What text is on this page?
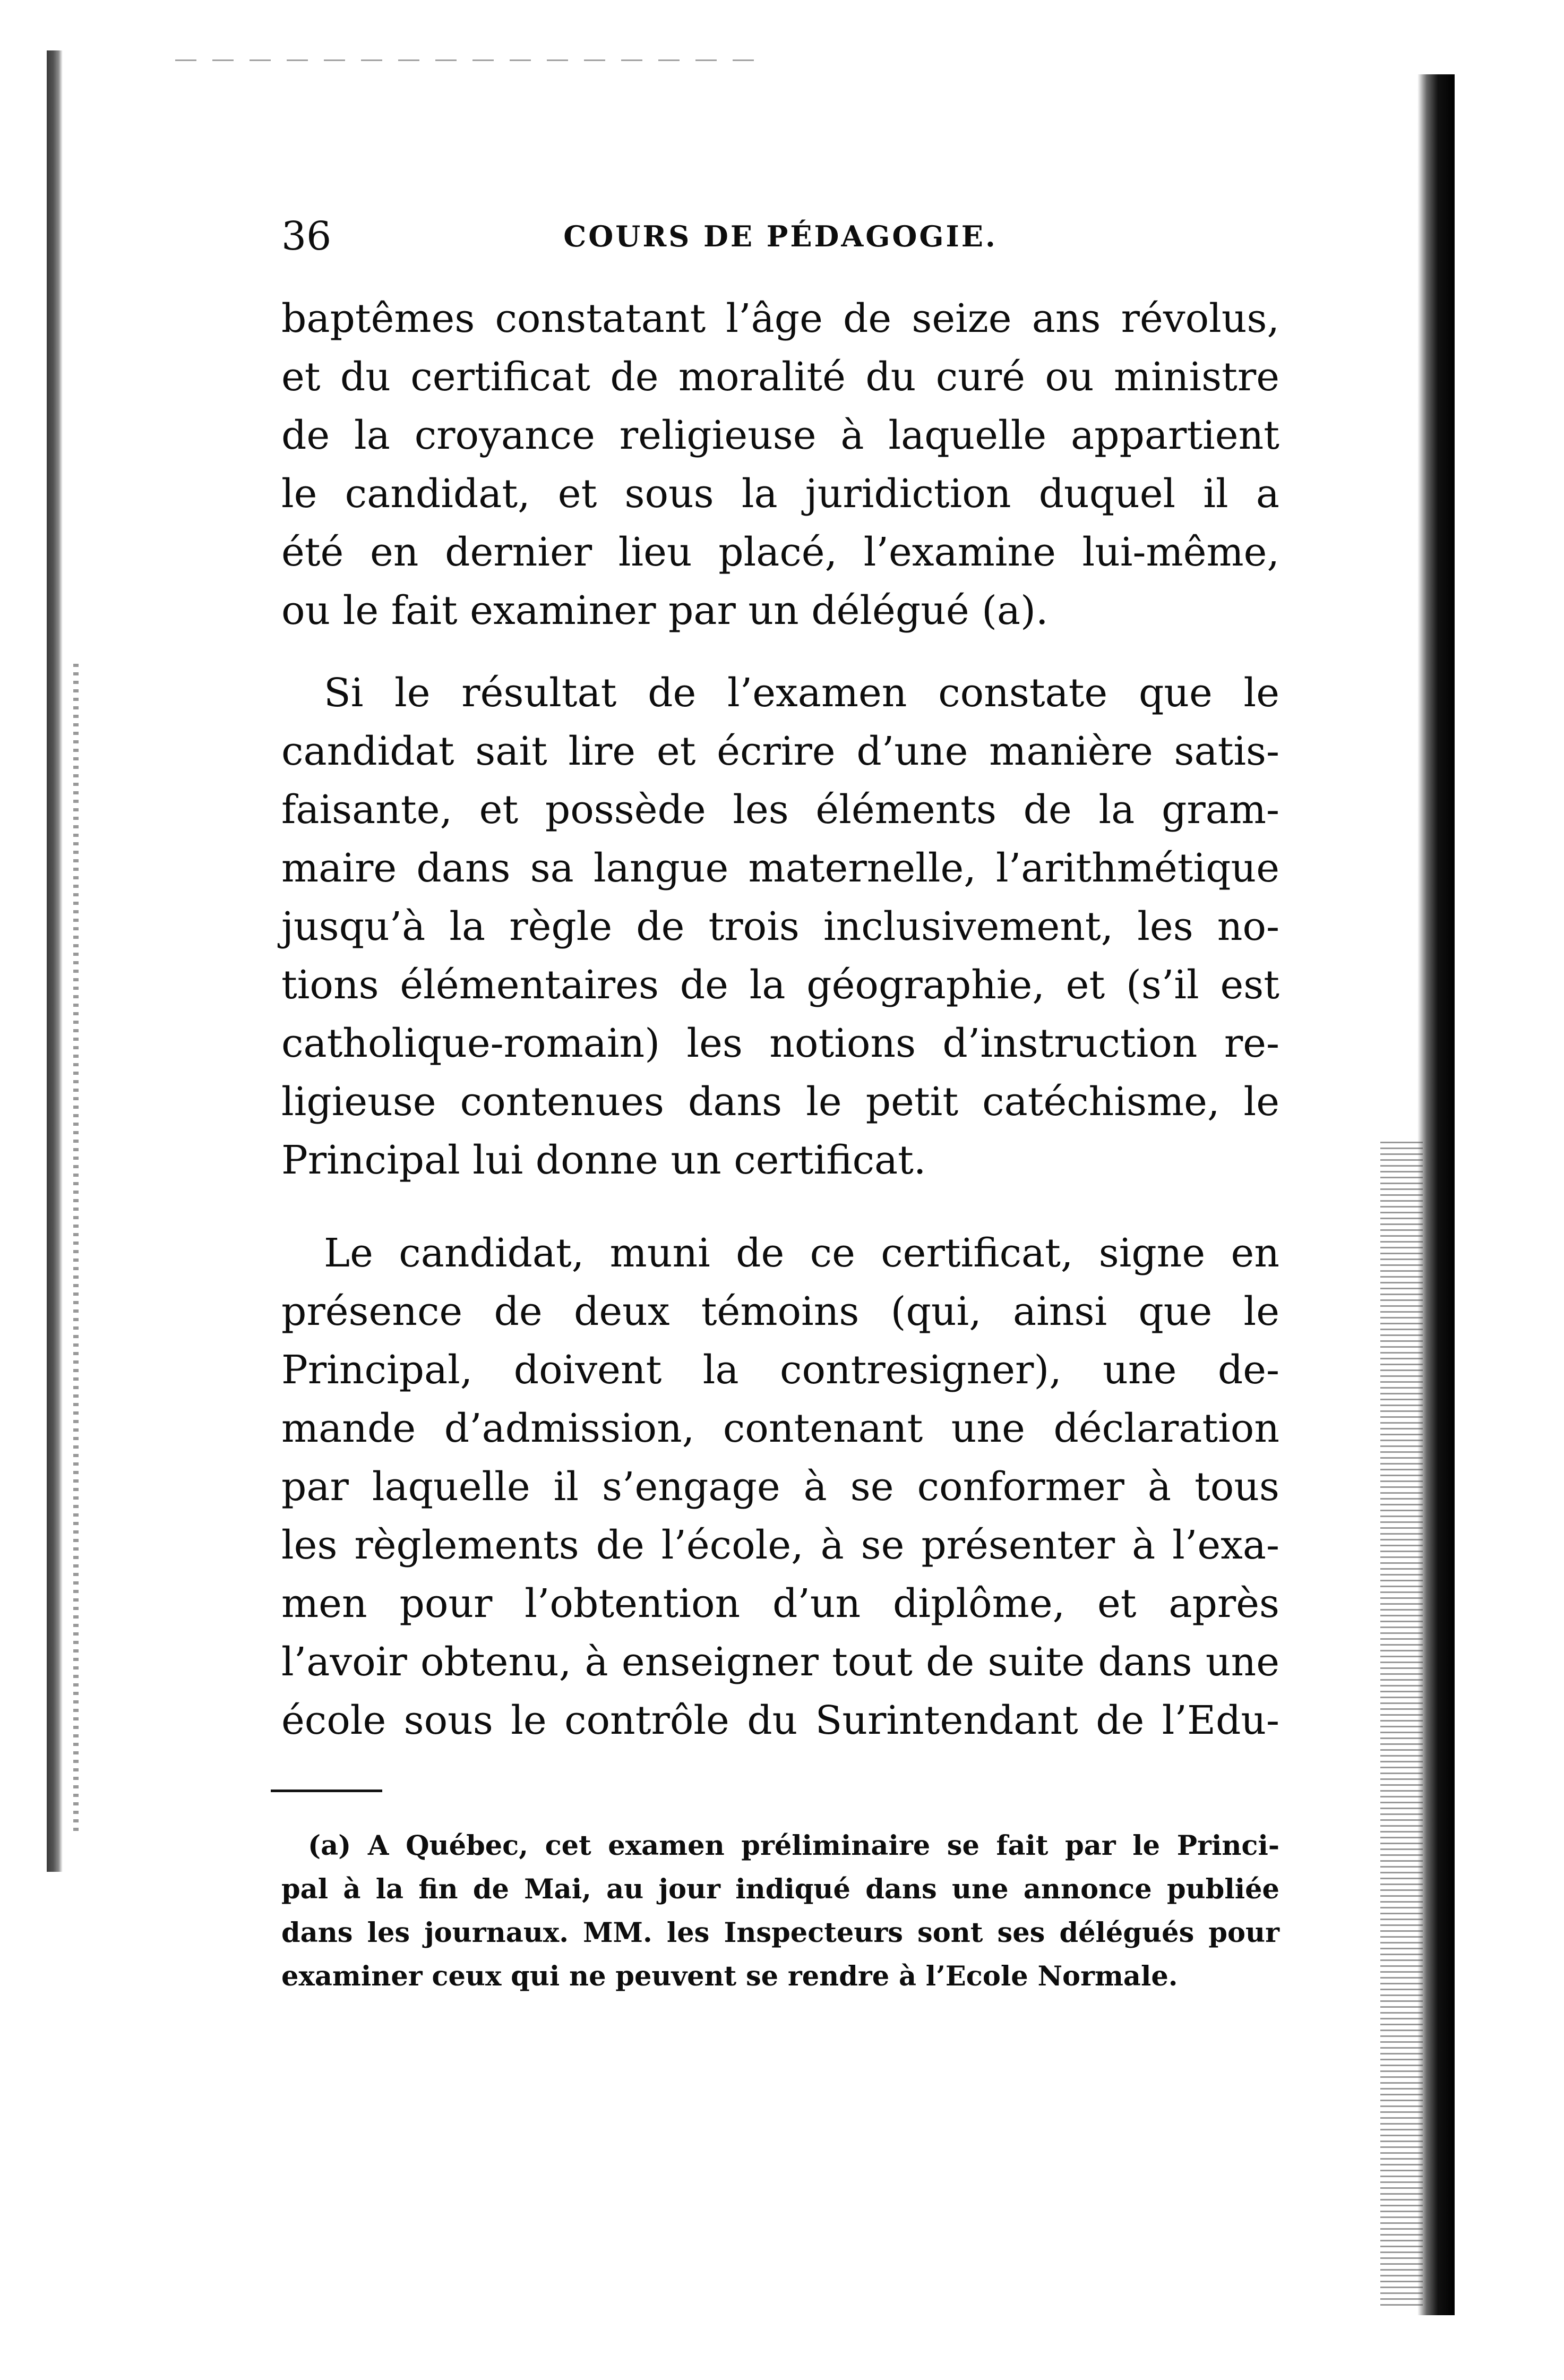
36	COURS DE PÉDAGOGIE.
baptêmes constatant l’âge de seize ans révolus,
et du certificat de moralité du curé ou ministre
de la croyance religieuse à laquelle appartient
le candidat, et sous la juridiction duquel il a
été en dernier lieu placé, l’examine lui-même,
ou le fait examiner par un délégué (a).
Si le résultat de l’examen constate que le
candidat sait lire et écrire d’une manière satis-
faisante, et possède les éléments de la gram-
maire dans sa langue maternelle, l’arithmétique
jusqu’à la règle de trois inclusivement, les no-
tions élémentaires de la géographie, et (s’il est
catholique-romain) les notions d’instruction re-
ligieuse contenues dans le petit catéchisme, le
Principal lui donne un certificat.
Le candidat, muni de ce certificat, signe en
présence de deux témoins (qui, ainsi que le
Principal, doivent la contresigner), une de-
mande d’admission, contenant une déclaration
par laquelle il s’engage à se conformer à tous
les règlements de l’école, à se présenter à l’exa-
men pour l’obtention d’un diplôme, et après
l’avoir obtenu, à enseigner tout de suite dans une
école sous le contrôle du Surintendant de l’Edu-
(a) A Québec, cet examen préliminaire se fait par le Princi-
pal à la fin de Mai, au jour indiqué dans une annonce publiée
dans les journaux. MM. les Inspecteurs sont ses délégués pour
examiner ceux qui ne peuvent se rendre à l’Ecole Normale.
